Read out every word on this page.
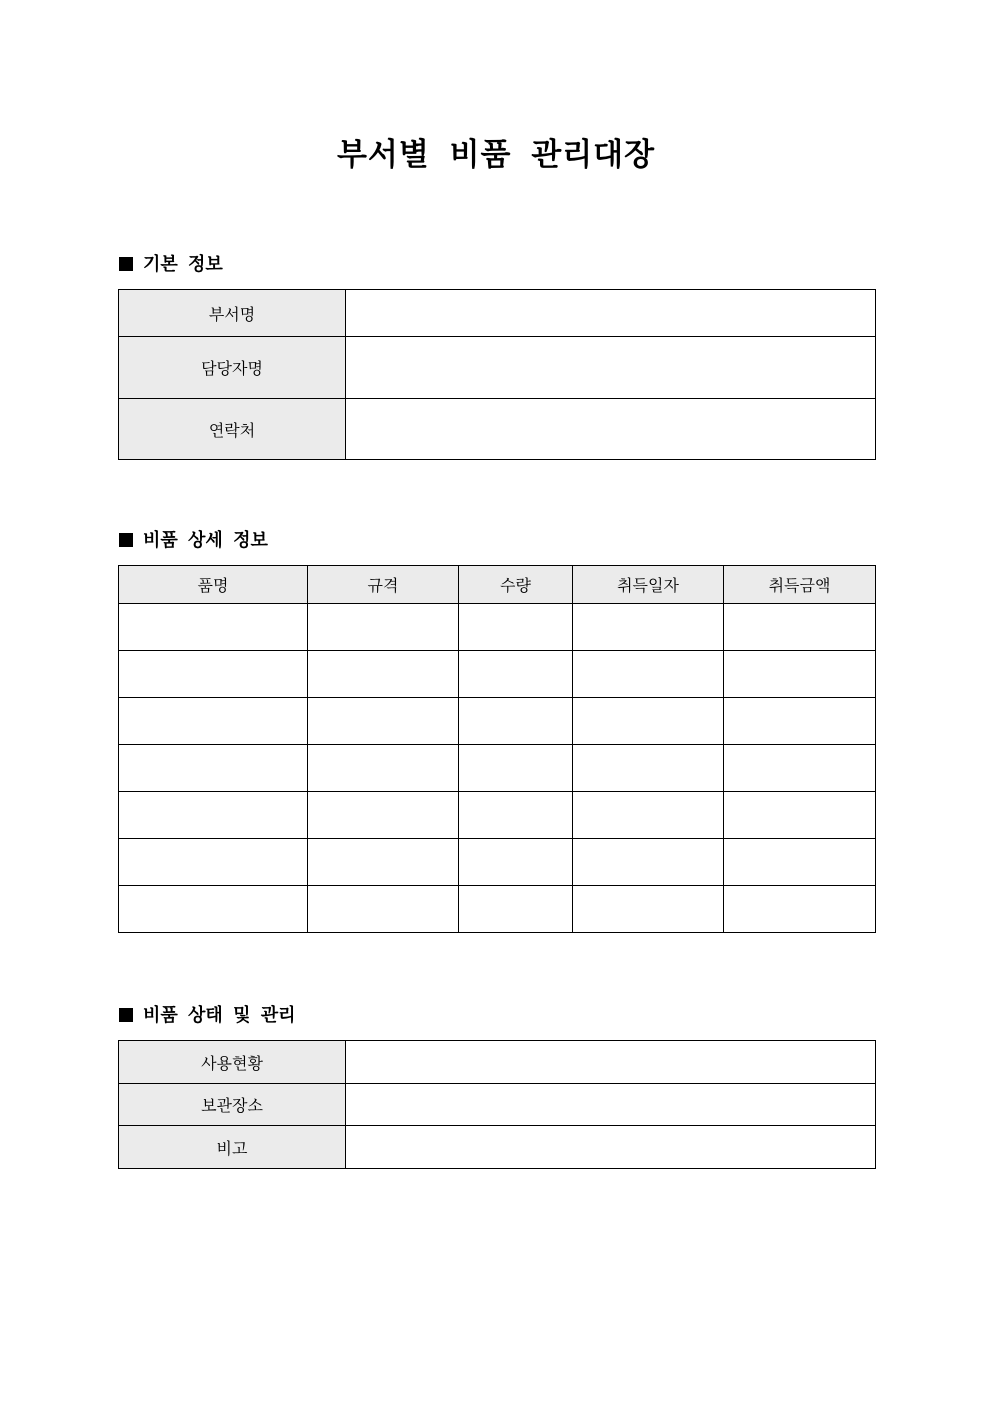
부서별 비품 관리대장
기본 정보
부서명	
담당자명	
연락처	
비품 상세 정보
품명	규격	수량	취득일자	취득금액

비품 상태 및 관리
사용현황	
보관장소	
비고	
